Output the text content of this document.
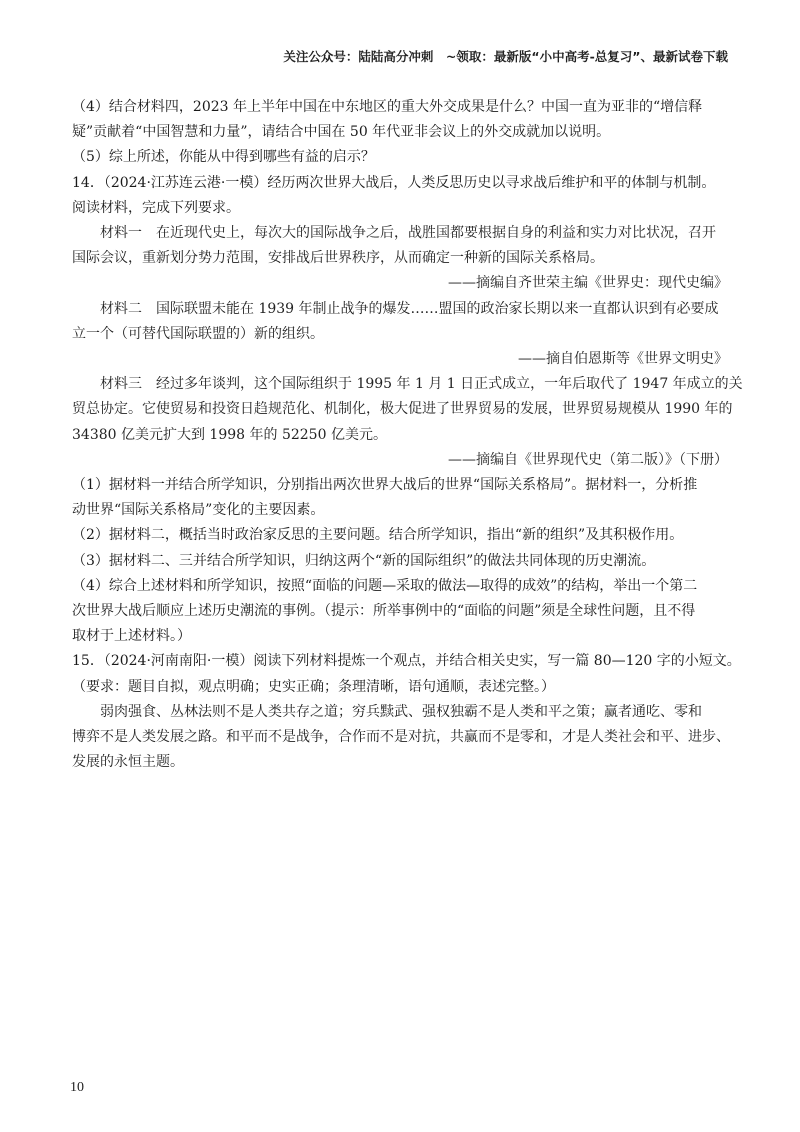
关注公众号：陆陆高分冲刺　~领取：最新版“小中高考-总复习”、最新试卷下载
（4）结合材料四，2023 年上半年中国在中东地区的重大外交成果是什么？中国一直为亚非的“增信释
疑”贡献着“中国智慧和力量”，请结合中国在 50 年代亚非会议上的外交成就加以说明。
（5）综上所述，你能从中得到哪些有益的启示？
14．（2024·江苏连云港·一模）经历两次世界大战后，人类反思历史以寻求战后维护和平的体制与机制。
阅读材料，完成下列要求。
材料一　在近现代史上，每次大的国际战争之后，战胜国都要根据自身的利益和实力对比状况，召开
国际会议，重新划分势力范围，安排战后世界秩序，从而确定一种新的国际关系格局。
——摘编自齐世荣主编《世界史：现代史编》
材料二　国际联盟未能在 1939 年制止战争的爆发……盟国的政治家长期以来一直都认识到有必要成
立一个（可替代国际联盟的）新的组织。
——摘自伯恩斯等《世界文明史》
材料三　经过多年谈判，这个国际组织于 1995 年 1 月 1 日正式成立，一年后取代了 1947 年成立的关
贸总协定。它使贸易和投资日趋规范化、机制化，极大促进了世界贸易的发展，世界贸易规模从 1990 年的
34380 亿美元扩大到 1998 年的 52250 亿美元。
——摘编自《世界现代史（第二版）》（下册）
（1）据材料一并结合所学知识，分别指出两次世界大战后的世界“国际关系格局”。据材料一，分析推
动世界“国际关系格局”变化的主要因素。
（2）据材料二，概括当时政治家反思的主要问题。结合所学知识，指出“新的组织”及其积极作用。
（3）据材料二、三并结合所学知识，归纳这两个“新的国际组织”的做法共同体现的历史潮流。
（4）综合上述材料和所学知识，按照“面临的问题—采取的做法—取得的成效”的结构，举出一个第二
次世界大战后顺应上述历史潮流的事例。（提示：所举事例中的“面临的问题”须是全球性问题，且不得
取材于上述材料。）
15．（2024·河南南阳·一模）阅读下列材料提炼一个观点，并结合相关史实，写一篇 80—120 字的小短文。
（要求：题目自拟，观点明确；史实正确；条理清晰，语句通顺，表述完整。）
弱肉强食、丛林法则不是人类共存之道；穷兵黩武、强权独霸不是人类和平之策；赢者通吃、零和
博弈不是人类发展之路。和平而不是战争，合作而不是对抗，共赢而不是零和，才是人类社会和平、进步、
发展的永恒主题。
10
